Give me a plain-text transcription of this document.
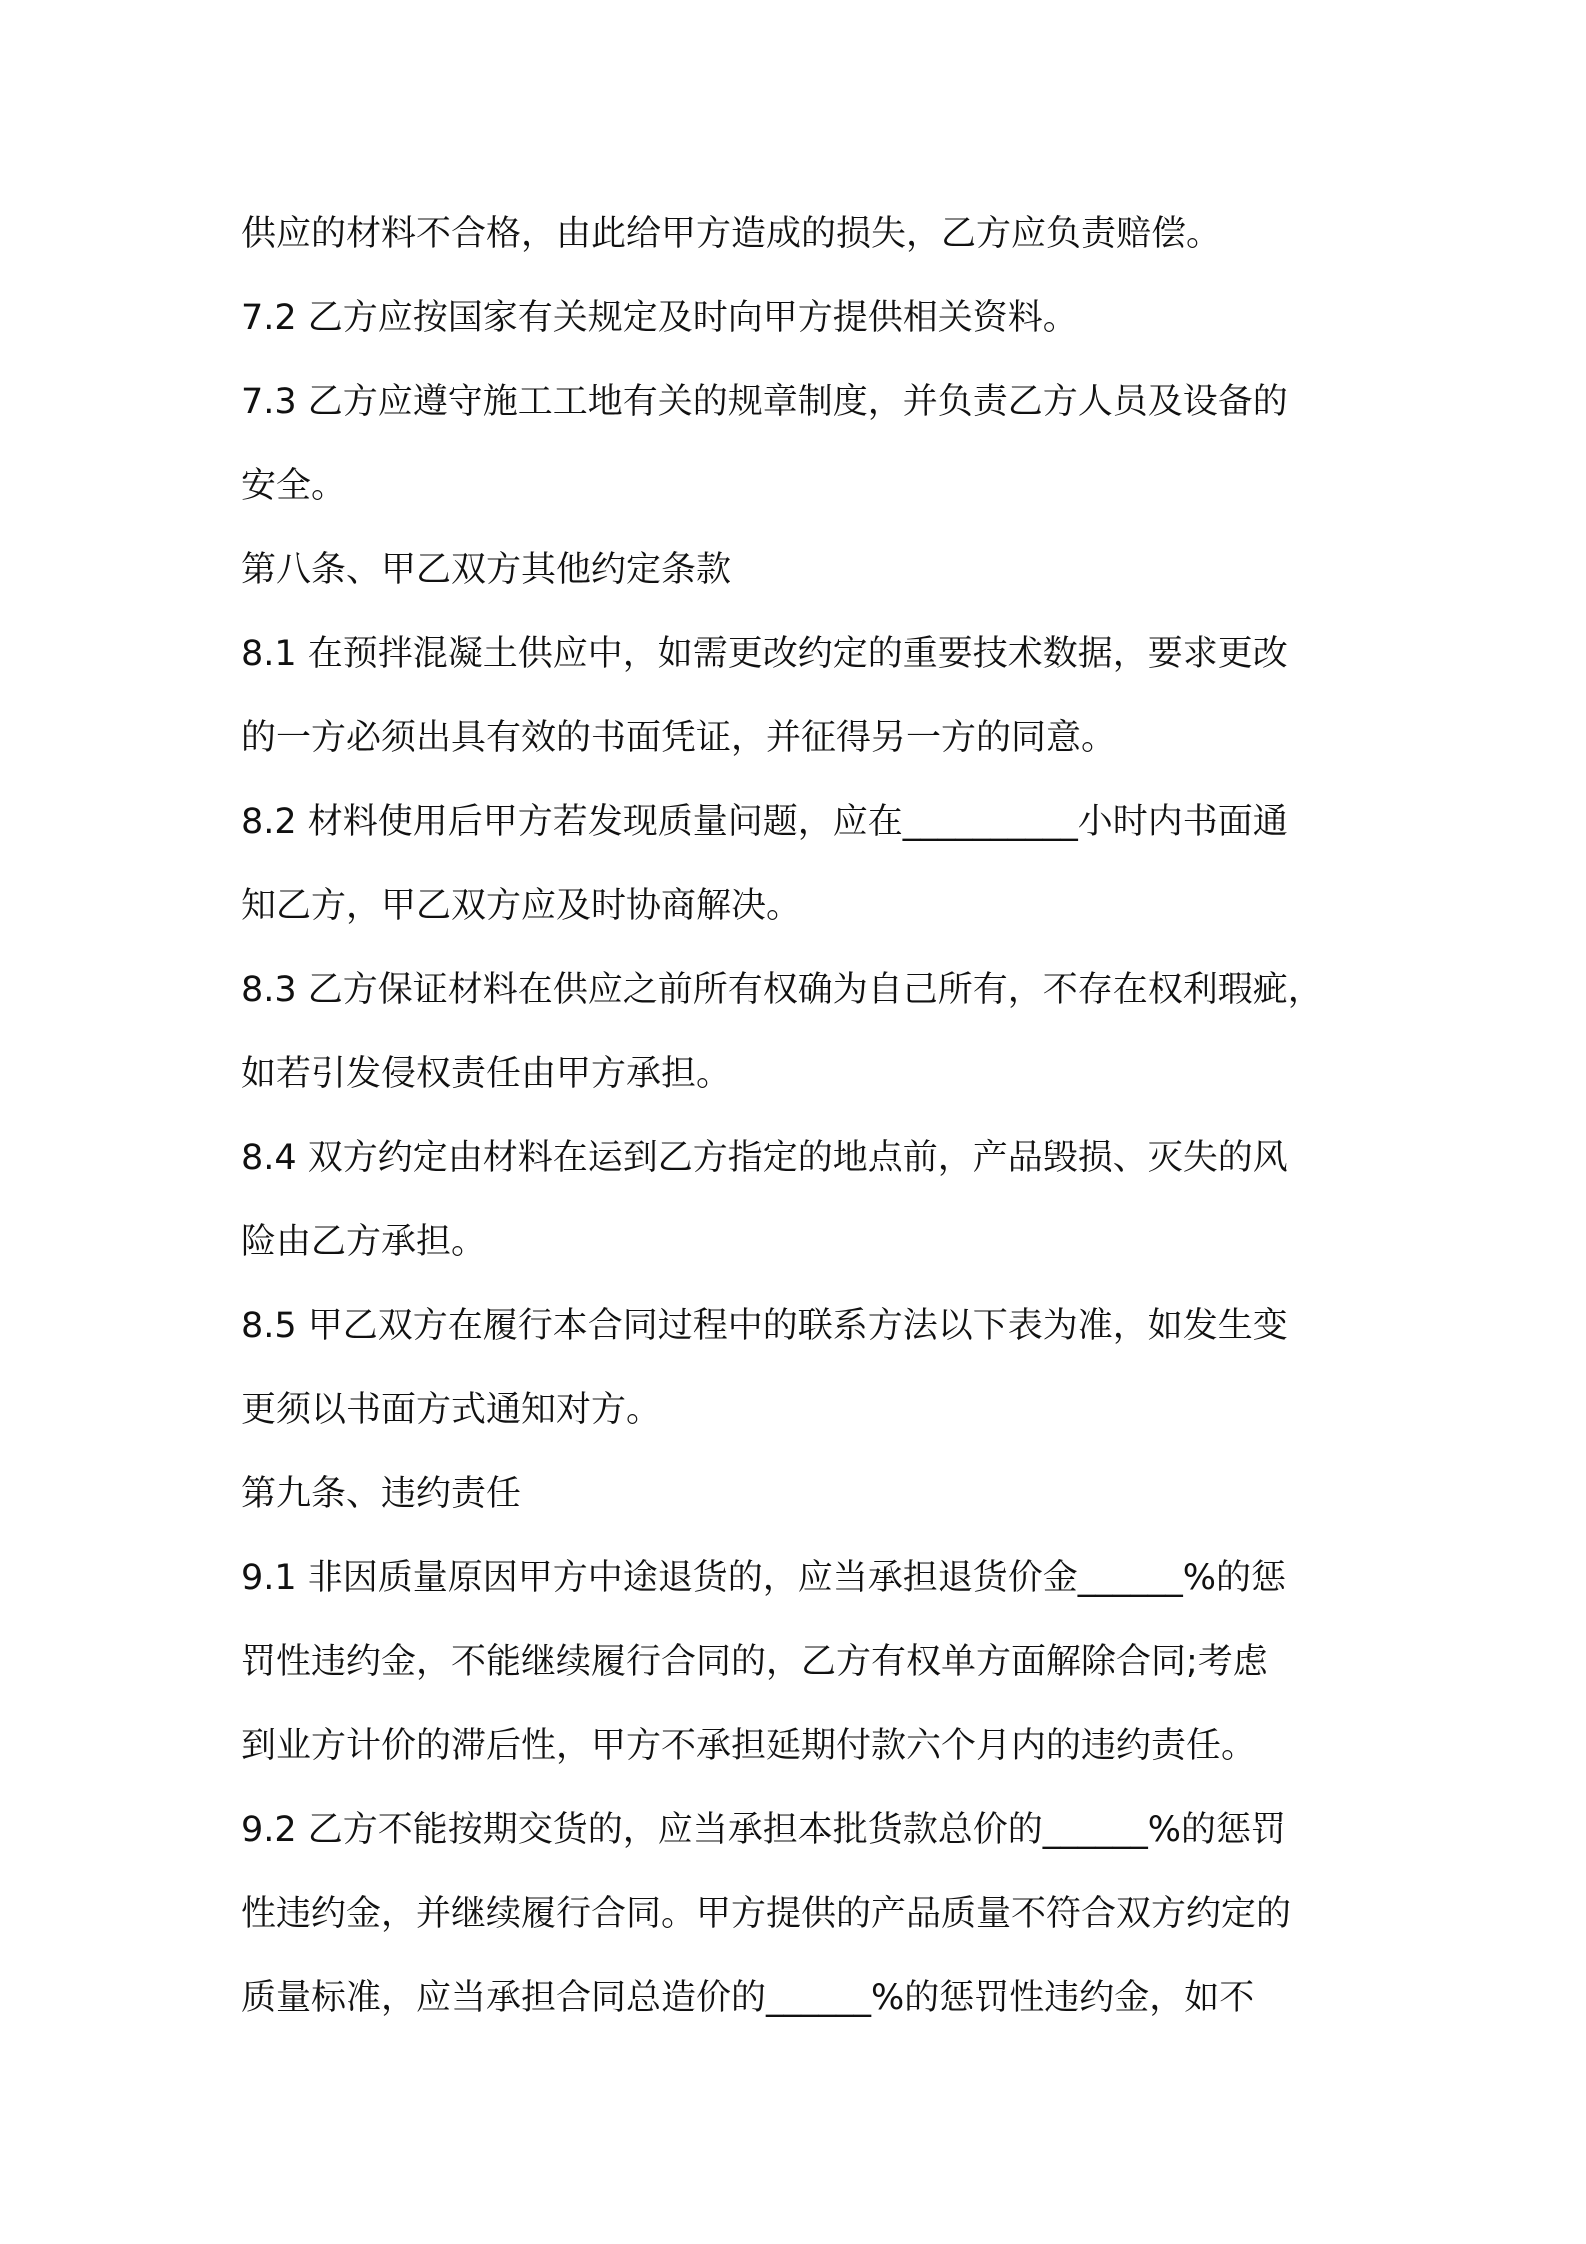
供应的材料不合格，由此给甲方造成的损失，乙方应负责赔偿。
7.2 乙方应按国家有关规定及时向甲方提供相关资料。
7.3 乙方应遵守施工工地有关的规章制度，并负责乙方人员及设备的
安全。
第八条、甲乙双方其他约定条款
8.1 在预拌混凝土供应中，如需更改约定的重要技术数据，要求更改
的一方必须出具有效的书面凭证，并征得另一方的同意。
8.2 材料使用后甲方若发现质量问题，应在__________小时内书面通
知乙方，甲乙双方应及时协商解决。
8.3 乙方保证材料在供应之前所有权确为自己所有，不存在权利瑕疵，
如若引发侵权责任由甲方承担。
8.4 双方约定由材料在运到乙方指定的地点前，产品毁损、灭失的风
险由乙方承担。
8.5 甲乙双方在履行本合同过程中的联系方法以下表为准，如发生变
更须以书面方式通知对方。
第九条、违约责任
9.1 非因质量原因甲方中途退货的，应当承担退货价金______%的惩
罚性违约金，不能继续履行合同的，乙方有权单方面解除合同;考虑
到业方计价的滞后性，甲方不承担延期付款六个月内的违约责任。
9.2 乙方不能按期交货的，应当承担本批货款总价的______%的惩罚
性违约金，并继续履行合同。甲方提供的产品质量不符合双方约定的
质量标准，应当承担合同总造价的______%的惩罚性违约金，如不
